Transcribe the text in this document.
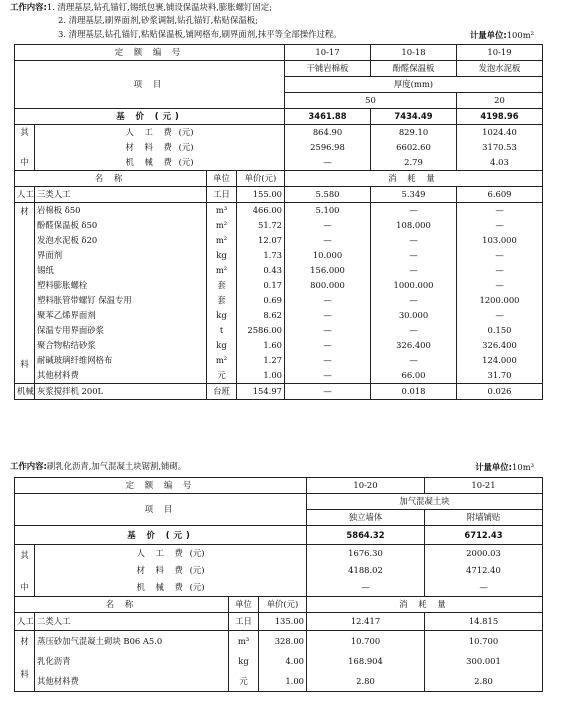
工作内容:1. 清理基层,钻孔锚钉,锡纸包裹,铺设保温块料,膨胀螺钉固定;
2. 清理基层,刷界面剂,砂浆调制,钻孔锚钉,粘贴保温板;
3. 清理基层,钻孔锚钉,粘贴保温板,铺网格布,刷界面剂,抹平等全部操作过程。	计量单位:100m²
定 额 编 号				10-17	10-18	10-19
项 目				干铺岩棉板	酚醛保温板	发泡水泥板
				厚度(mm)		
				50		20
基 价 (元)				3461.88	7434.49	4198.96
其

中	人 工 费 (元)			864.90	829.10	1024.40
	材 料 费 (元)			2596.98	6602.60	3170.53
	机 械 费 (元)			—	2.79	4.03
名 称		单位	单价(元)	消 耗 量		
人工	三类人工	工日	155.00	5.580	5.349	6.609
材
料	岩棉板 δ50	m³	466.00	5.100	—	—
	酚醛保温板 δ50	m²	51.72	—	108.000	—
	发泡水泥板 δ20	m²	12.07	—	—	103.000
	界面剂	kg	1.73	10.000	—	—
	锡纸	m²	0.43	156.000	—	—
	塑料膨胀螺栓	套	0.17	800.000	1000.000	—
	塑料胀管带螺钉 保温专用	套	0.69	—	—	1200.000
	聚苯乙烯界面剂	kg	8.62	—	30.000	—
	保温专用界面砂浆	t	2586.00	—	—	0.150
	聚合物粘结砂浆	kg	1.60	—	326.400	326.400
	耐碱玻璃纤维网格布	m²	1.27	—	—	124.000
	其他材料费	元	1.00	—	66.00	31.70
机械	灰浆搅拌机 200L	台班	154.97	—	0.018	0.026
工作内容:刷乳化沥青,加气混凝土块锯割,铺砌。	计量单位:10m³
定 额 编 号				10-20	10-21
项 目				加气混凝土块	
				独立墙体	附墙铺贴
基 价 (元)				5864.32	6712.43
其

中	人 工 费 (元)			1676.30	2000.03
	材 料 费 (元)			4188.02	4712.40
	机 械 费 (元)			—	—
名 称		单位	单价(元)	消 耗 量	
人工	二类人工	工日	135.00	12.417	14.815
材
料	蒸压砂加气混凝土砌块 B06 A5.0	m³	328.00	10.700	10.700
	乳化沥青	kg	4.00	168.904	300.001
	其他材料费	元	1.00	2.80	2.80
